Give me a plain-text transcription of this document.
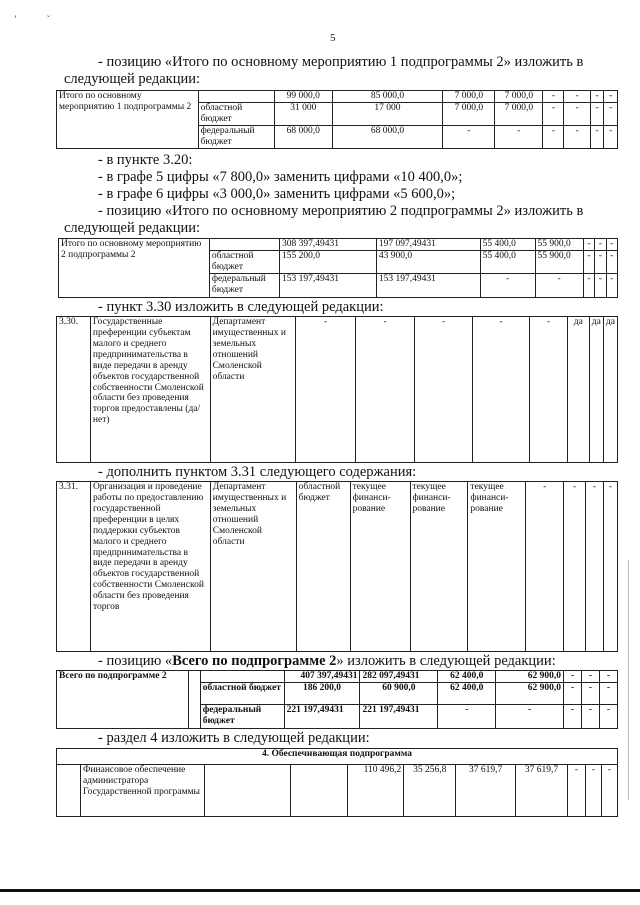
’˘
5
- позицию «Итого по основному мероприятию 1 подпрограммы 2» изложить в
следующей редакции:
Итого по основному мероприятию 1 подпрограммы 2		99 000,0	85 000,0	7 000,0	7 000,0	-	-	-	-
	областной бюджет	31 000	17 000	7 000,0	7 000,0	-	-	-	-
	федеральный бюджет	68 000,0	68 000,0	-	-	-	-	-	-
- в пункте 3.20:
- в графе 5 цифры «7 800,0» заменить цифрами «10 400,0»;
- в графе 6 цифры «3 000,0» заменить цифрами «5 600,0»;
- позицию «Итого по основному мероприятию 2 подпрограммы 2» изложить в
следующей редакции:
Итого по основному мероприятию 2 подпрограммы 2		308 397,49431	197 097,49431	55 400,0	55 900,0	-	-	-
	областной бюджет	155 200,0	43 900,0	55 400,0	55 900,0	-	-	-
	федеральный бюджет	153 197,49431	153 197,49431	-	-	-	-	-
- пункт 3.30 изложить в следующей редакции:
3.30.	Государственные преференции субъектам малого и среднего предпринимательства в виде передачи в аренду объектов государственной собственности Смоленской области без проведения торгов предоставлены (да/нет)	Департамент имущественных и земельных отношений Смоленской области	-	-	-	-	-	да	да	да
- дополнить пунктом 3.31 следующего содержания:
3.31.	Организация и проведение работы по предоставлению государственной преференции в целях поддержки субъектов малого и среднего предпринимательства в виде передачи в аренду объектов государственной собственности Смоленской области без проведения торгов	Департамент имущественных и земельных отношений Смоленской области	областной бюджет	текущее финанси-рование	текущее финанси-рование	текущее финанси-рование	-	-	-	-
- позицию «Всего по подпрограмме 2» изложить в следующей редакции:
Всего по подпрограмме 2			407 397,49431	282 097,49431	62 400,0	62 900,0	-	-	-
		областной бюджет	186 200,0	60 900,0	62 400,0	62 900,0	-	-	-
		федеральный бюджет	221 197,49431	221 197,49431	-	-	-	-	-
- раздел 4 изложить в следующей редакции:
4. Обеспечивающая подпрограмма
	Финансовое обеспечение администратора Государственной программы			110 496,2	35 256,8	37 619,7	37 619,7	-	-	-
